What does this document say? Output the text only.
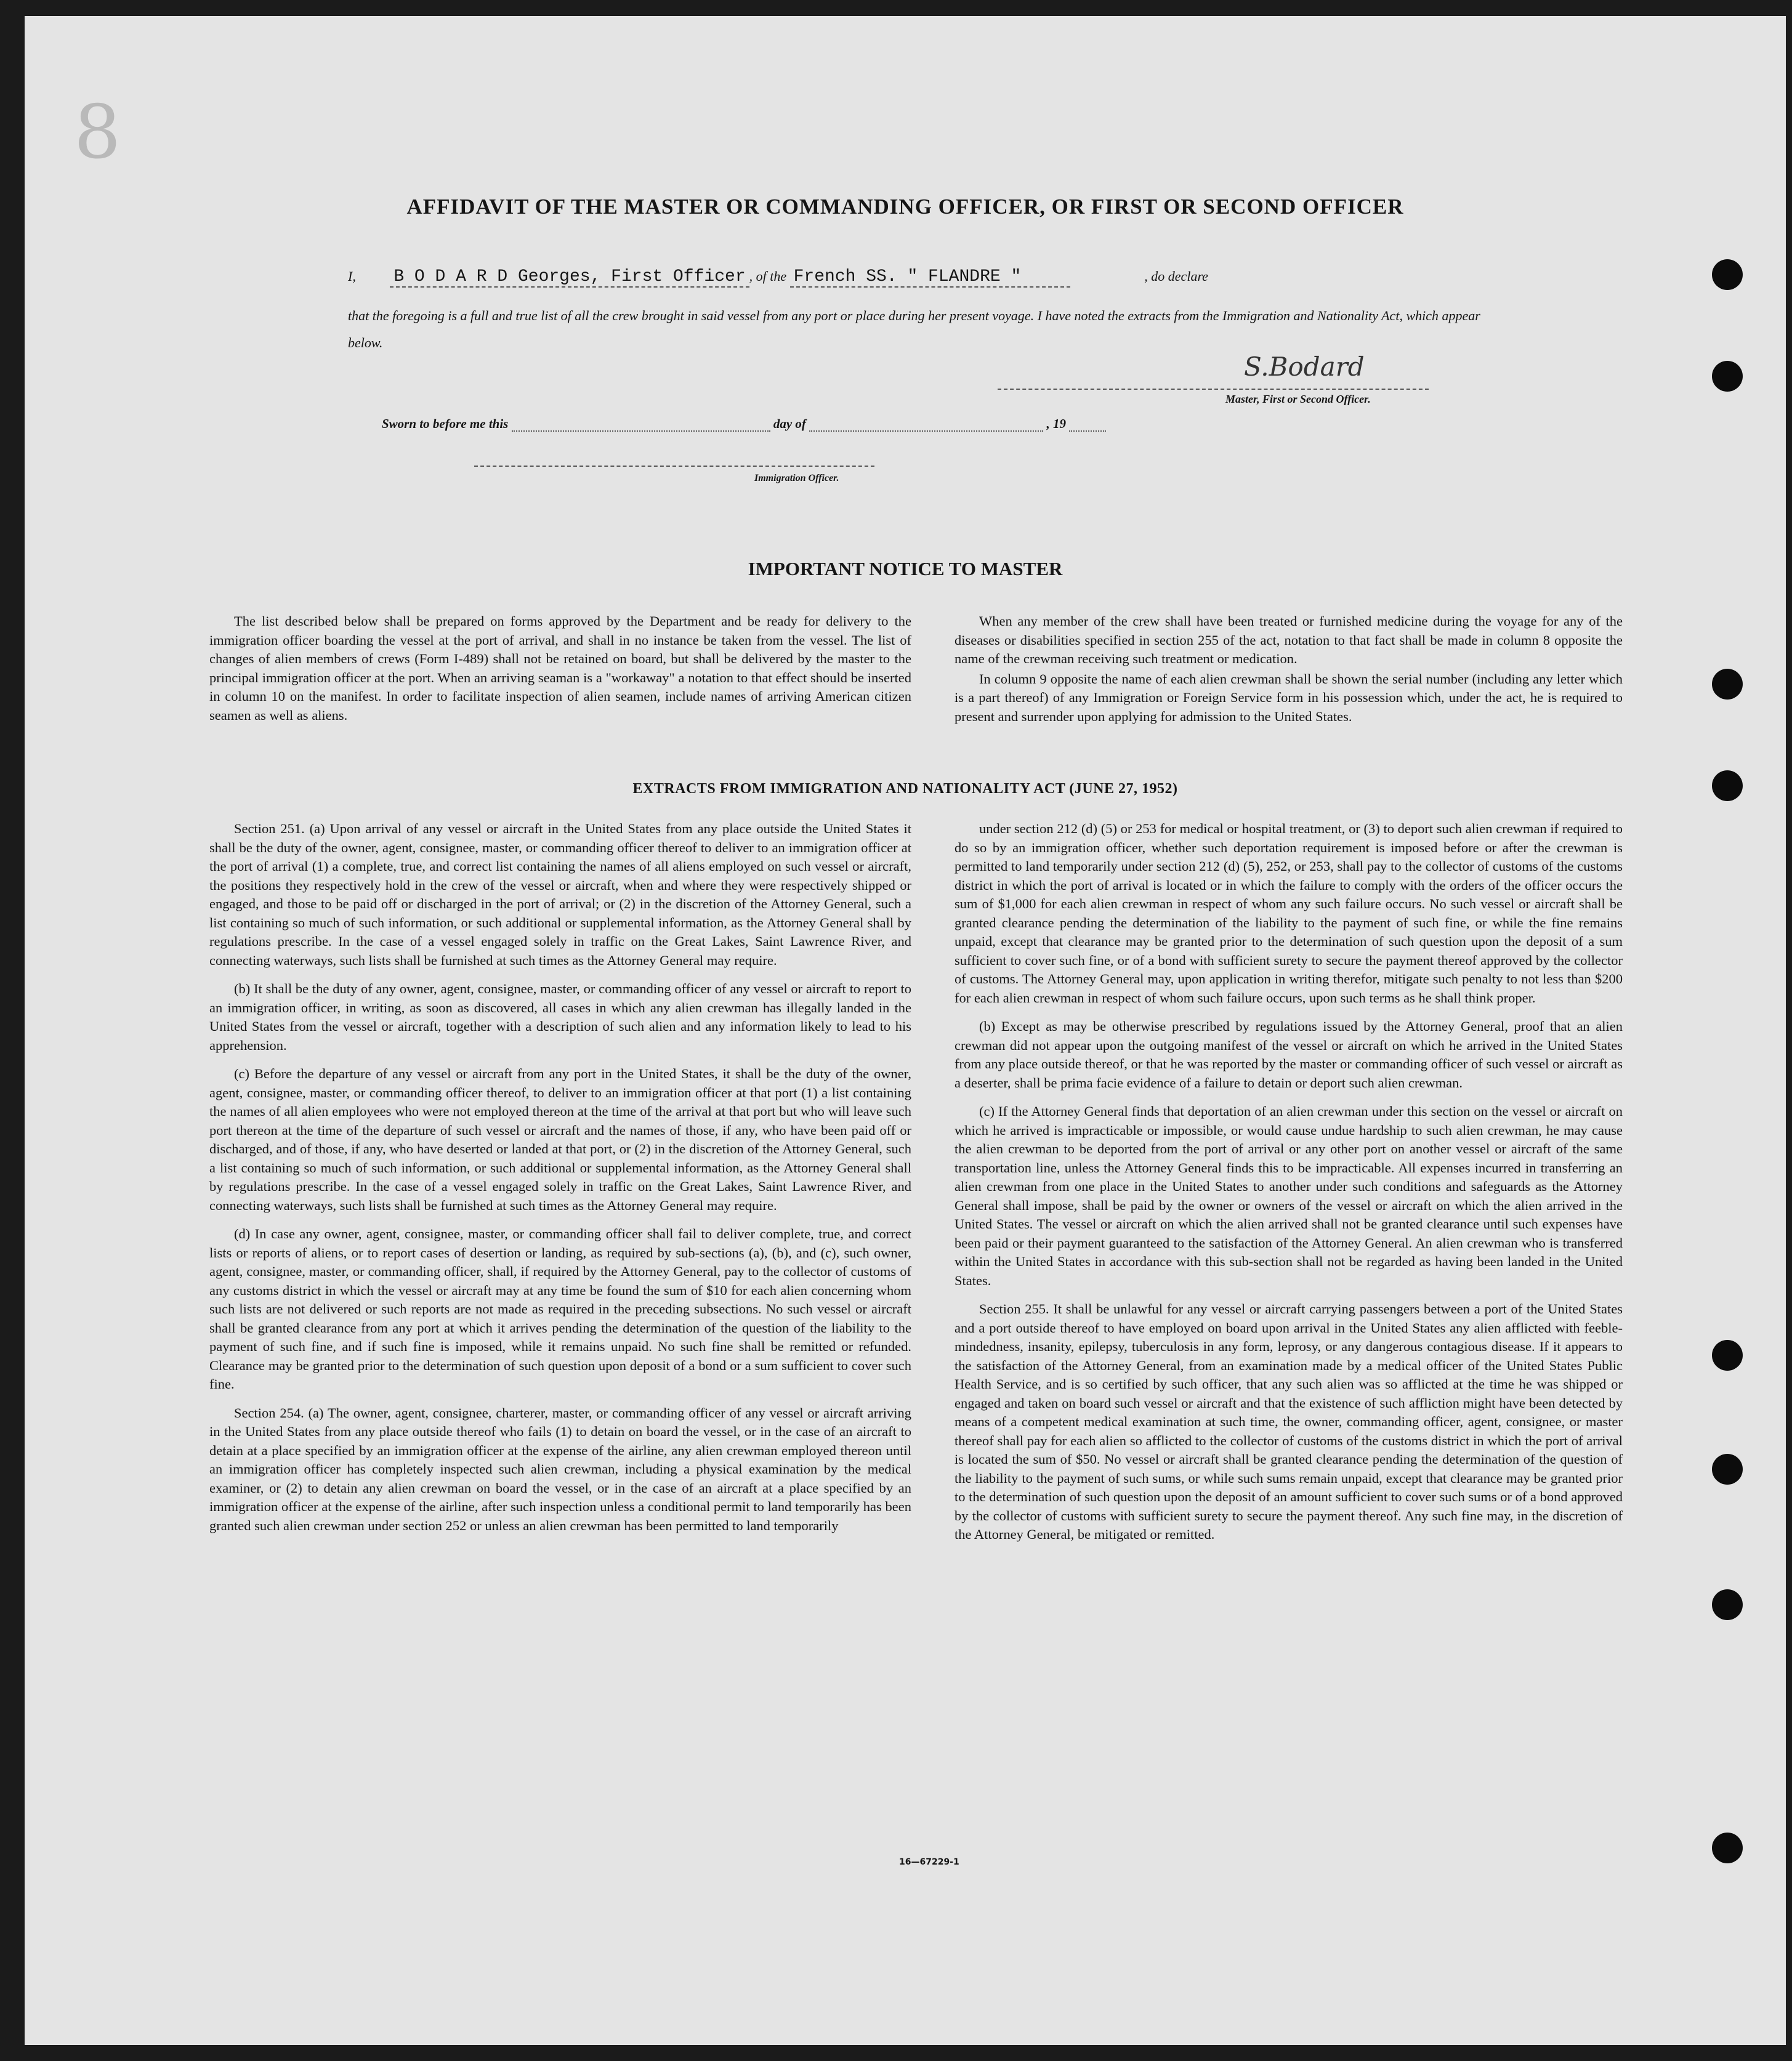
8
AFFIDAVIT OF THE MASTER OR COMMANDING OFFICER, OR FIRST OR SECOND OFFICER
I, B O D A R D Georges, First Officer , of the French SS. " FLANDRE "	, do declare
that the foregoing is a full and true list of all the crew brought in said vessel from any port or place during her present voyage. I have noted the extracts from the Immigration and Nationality Act, which appear below.
S.Bodard
Master, First or Second Officer.
Sworn to before me this	day of	, 19
Immigration Officer.
IMPORTANT NOTICE TO MASTER

The list described below shall be prepared on forms approved by the Department and be ready for delivery to the immigration officer boarding the vessel at the port of arrival, and shall in no instance be taken from the vessel. The list of changes of alien members of crews (Form I-489) shall not be retained on board, but shall be delivered by the master to the principal immigration officer at the port. When an arriving seaman is a "workaway" a notation to that effect should be inserted in column 10 on the manifest. In order to facilitate inspection of alien seamen, include names of arriving American citizen seamen as well as aliens.

When any member of the crew shall have been treated or furnished medicine during the voyage for any of the diseases or disabilities specified in section 255 of the act, notation to that fact shall be made in column 8 opposite the name of the crewman receiving such treatment or medication.

In column 9 opposite the name of each alien crewman shall be shown the serial number (including any letter which is a part thereof) of any Immigration or Foreign Service form in his possession which, under the act, he is required to present and surrender upon applying for admission to the United States.

EXTRACTS FROM IMMIGRATION AND NATIONALITY ACT (JUNE 27, 1952)

Section 251. (a) Upon arrival of any vessel or aircraft in the United States from any place outside the United States it shall be the duty of the owner, agent, consignee, master, or commanding officer thereof to deliver to an immigration officer at the port of arrival (1) a complete, true, and correct list containing the names of all aliens employed on such vessel or aircraft, the positions they respectively hold in the crew of the vessel or aircraft, when and where they were respectively shipped or engaged, and those to be paid off or discharged in the port of arrival; or (2) in the discretion of the Attorney General, such a list containing so much of such information, or such additional or supplemental information, as the Attorney General shall by regulations prescribe. In the case of a vessel engaged solely in traffic on the Great Lakes, Saint Lawrence River, and connecting waterways, such lists shall be furnished at such times as the Attorney General may require.

(b) It shall be the duty of any owner, agent, consignee, master, or commanding officer of any vessel or aircraft to report to an immigration officer, in writing, as soon as discovered, all cases in which any alien crewman has illegally landed in the United States from the vessel or aircraft, together with a description of such alien and any information likely to lead to his apprehension.

(c) Before the departure of any vessel or aircraft from any port in the United States, it shall be the duty of the owner, agent, consignee, master, or commanding officer thereof, to deliver to an immigration officer at that port (1) a list containing the names of all alien employees who were not employed thereon at the time of the arrival at that port but who will leave such port thereon at the time of the departure of such vessel or aircraft and the names of those, if any, who have been paid off or discharged, and of those, if any, who have deserted or landed at that port, or (2) in the discretion of the Attorney General, such a list containing so much of such information, or such additional or supplemental information, as the Attorney General shall by regulations prescribe. In the case of a vessel engaged solely in traffic on the Great Lakes, Saint Lawrence River, and connecting waterways, such lists shall be furnished at such times as the Attorney General may require.

(d) In case any owner, agent, consignee, master, or commanding officer shall fail to deliver complete, true, and correct lists or reports of aliens, or to report cases of desertion or landing, as required by sub-sections (a), (b), and (c), such owner, agent, consignee, master, or commanding officer, shall, if required by the Attorney General, pay to the collector of customs of any customs district in which the vessel or aircraft may at any time be found the sum of $10 for each alien concerning whom such lists are not delivered or such reports are not made as required in the preceding subsections. No such vessel or aircraft shall be granted clearance from any port at which it arrives pending the determination of the question of the liability to the payment of such fine, and if such fine is imposed, while it remains unpaid. No such fine shall be remitted or refunded. Clearance may be granted prior to the determination of such question upon deposit of a bond or a sum sufficient to cover such fine.

Section 254. (a) The owner, agent, consignee, charterer, master, or commanding officer of any vessel or aircraft arriving in the United States from any place outside thereof who fails (1) to detain on board the vessel, or in the case of an aircraft to detain at a place specified by an immigration officer at the expense of the airline, any alien crewman employed thereon until an immigration officer has completely inspected such alien crewman, including a physical examination by the medical examiner, or (2) to detain any alien crewman on board the vessel, or in the case of an aircraft at a place specified by an immigration officer at the expense of the airline, after such inspection unless a conditional permit to land temporarily has been granted such alien crewman under section 252 or unless an alien crewman has been permitted to land temporarily

under section 212 (d) (5) or 253 for medical or hospital treatment, or (3) to deport such alien crewman if required to do so by an immigration officer, whether such deportation requirement is imposed before or after the crewman is permitted to land temporarily under section 212 (d) (5), 252, or 253, shall pay to the collector of customs of the customs district in which the port of arrival is located or in which the failure to comply with the orders of the officer occurs the sum of $1,000 for each alien crewman in respect of whom any such failure occurs. No such vessel or aircraft shall be granted clearance pending the determination of the liability to the payment of such fine, or while the fine remains unpaid, except that clearance may be granted prior to the determination of such question upon the deposit of a sum sufficient to cover such fine, or of a bond with sufficient surety to secure the payment thereof approved by the collector of customs. The Attorney General may, upon application in writing therefor, mitigate such penalty to not less than $200 for each alien crewman in respect of whom such failure occurs, upon such terms as he shall think proper.

(b) Except as may be otherwise prescribed by regulations issued by the Attorney General, proof that an alien crewman did not appear upon the outgoing manifest of the vessel or aircraft on which he arrived in the United States from any place outside thereof, or that he was reported by the master or commanding officer of such vessel or aircraft as a deserter, shall be prima facie evidence of a failure to detain or deport such alien crewman.

(c) If the Attorney General finds that deportation of an alien crewman under this section on the vessel or aircraft on which he arrived is impracticable or impossible, or would cause undue hardship to such alien crewman, he may cause the alien crewman to be deported from the port of arrival or any other port on another vessel or aircraft of the same transportation line, unless the Attorney General finds this to be impracticable. All expenses incurred in transferring an alien crewman from one place in the United States to another under such conditions and safeguards as the Attorney General shall impose, shall be paid by the owner or owners of the vessel or aircraft on which the alien arrived in the United States. The vessel or aircraft on which the alien arrived shall not be granted clearance until such expenses have been paid or their payment guaranteed to the satisfaction of the Attorney General. An alien crewman who is transferred within the United States in accordance with this sub-section shall not be regarded as having been landed in the United States.

Section 255. It shall be unlawful for any vessel or aircraft carrying passengers between a port of the United States and a port outside thereof to have employed on board upon arrival in the United States any alien afflicted with feeble-mindedness, insanity, epilepsy, tuberculosis in any form, leprosy, or any dangerous contagious disease. If it appears to the satisfaction of the Attorney General, from an examination made by a medical officer of the United States Public Health Service, and is so certified by such officer, that any such alien was so afflicted at the time he was shipped or engaged and taken on board such vessel or aircraft and that the existence of such affliction might have been detected by means of a competent medical examination at such time, the owner, commanding officer, agent, consignee, or master thereof shall pay for each alien so afflicted to the collector of customs of the customs district in which the port of arrival is located the sum of $50. No vessel or aircraft shall be granted clearance pending the determination of the question of the liability to the payment of such sums, or while such sums remain unpaid, except that clearance may be granted prior to the determination of such question upon the deposit of an amount sufficient to cover such sums or of a bond approved by the collector of customs with sufficient surety to secure the payment thereof. Any such fine may, in the discretion of the Attorney General, be mitigated or remitted.

16—67229-1
